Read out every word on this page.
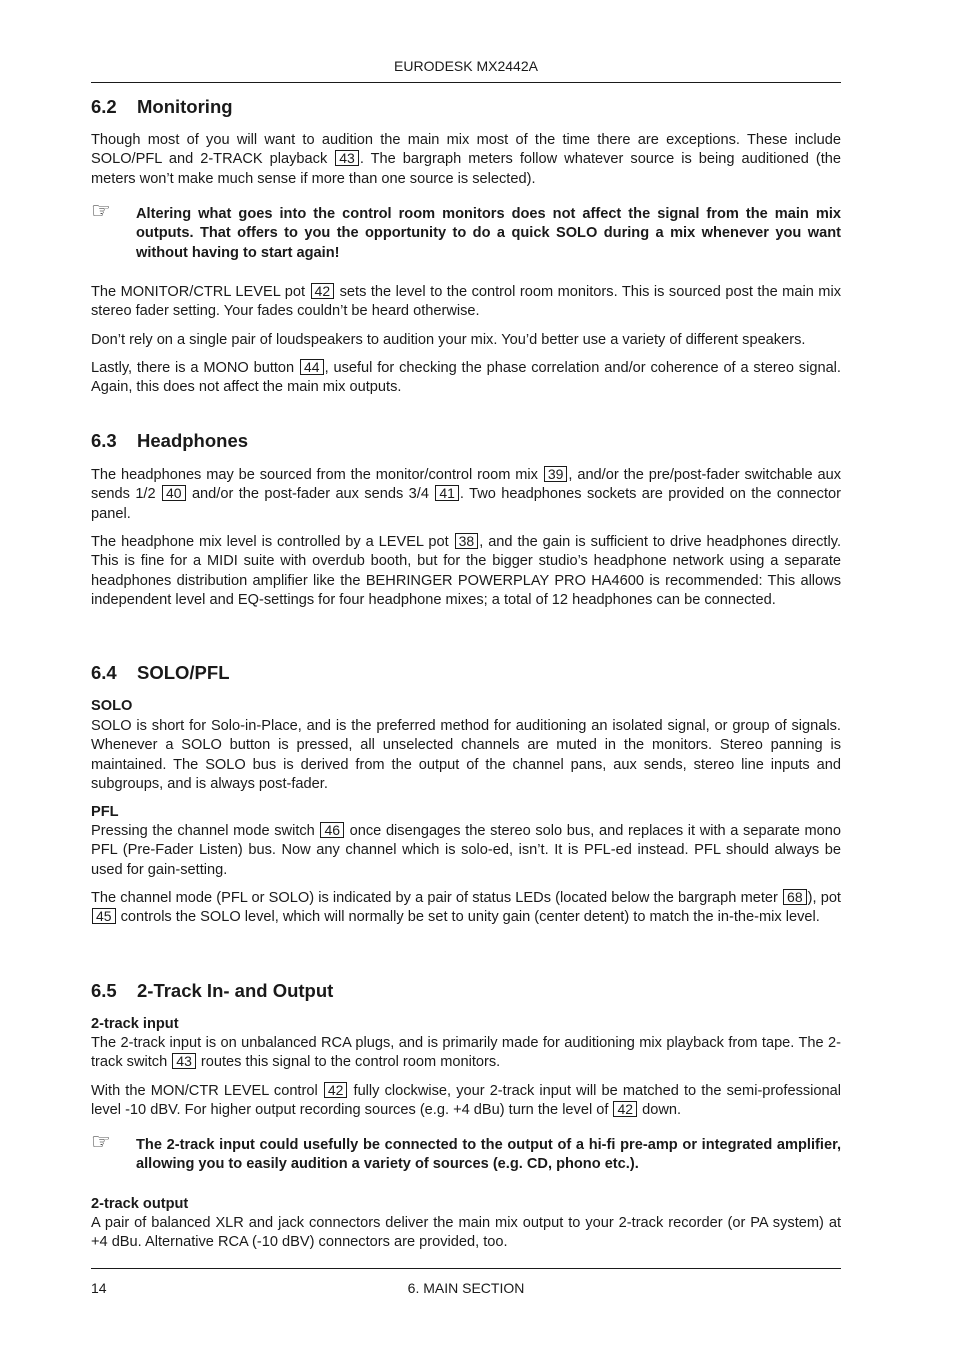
EURODESK MX2442A
6.2 Monitoring

Though most of you will want to audition the main mix most of the time there are exceptions. These include SOLO/PFL and 2-TRACK playback 43 . The bargraph meters follow whatever source is being auditioned (the meters won’t make much sense if more than one source is selected).

☞ Altering what goes into the control room monitors does not affect the signal from the main mix outputs. That offers to you the opportunity to do a quick SOLO during a mix whenever you want without having to start again!

The MONITOR/CTRL LEVEL pot 42 sets the level to the control room monitors. This is sourced post the main mix stereo fader setting. Your fades couldn’t be heard otherwise.

Don’t rely on a single pair of loudspeakers to audition your mix. You’d better use a variety of different speakers.

Lastly, there is a MONO button 44 , useful for checking the phase correlation and/or coherence of a stereo signal. Again, this does not affect the main mix outputs.

6.3 Headphones

The headphones may be sourced from the monitor/control room mix 39 , and/or the pre/post-fader switchable aux sends 1/2 40 and/or the post-fader aux sends 3/4 41 . Two headphones sockets are provided on the connector panel.

The headphone mix level is controlled by a LEVEL pot 38 , and the gain is sufficient to drive headphones directly. This is fine for a MIDI suite with overdub booth, but for the bigger studio’s headphone network using a separate headphones distribution amplifier like the BEHRINGER POWERPLAY PRO HA4600 is recommended: This allows independent level and EQ-settings for four headphone mixes; a total of 12 headphones can be connected.

6.4 SOLO/PFL
SOLO

SOLO is short for Solo-in-Place, and is the preferred method for auditioning an isolated signal, or group of signals. Whenever a SOLO button is pressed, all unselected channels are muted in the monitors. Stereo panning is maintained. The SOLO bus is derived from the output of the channel pans, aux sends, stereo line inputs and subgroups, and is always post-fader.

PFL

Pressing the channel mode switch 46 once disengages the stereo solo bus, and replaces it with a separate mono PFL (Pre-Fader Listen) bus. Now any channel which is solo-ed, isn’t. It is PFL-ed instead. PFL should always be used for gain-setting.

The channel mode (PFL or SOLO) is indicated by a pair of status LEDs (located below the bargraph meter 68 ), pot 45 controls the SOLO level, which will normally be set to unity gain (center detent) to match the in-the-mix level.

6.5 2-Track In- and Output
2-track input

The 2-track input is on unbalanced RCA plugs, and is primarily made for auditioning mix playback from tape. The 2-track switch 43 routes this signal to the control room monitors.

With the MON/CTR LEVEL control 42 fully clockwise, your 2-track input will be matched to the semi-professional level -10 dBV. For higher output recording sources (e.g. +4 dBu) turn the level of 42 down.

☞ The 2-track input could usefully be connected to the output of a hi-fi pre-amp or integrated amplifier, allowing you to easily audition a variety of sources (e.g. CD, phono etc.).

2-track output

A pair of balanced XLR and jack connectors deliver the main mix output to your 2-track recorder (or PA system) at +4 dBu. Alternative RCA (-10 dBV) connectors are provided, too.

14	6. MAIN SECTION
